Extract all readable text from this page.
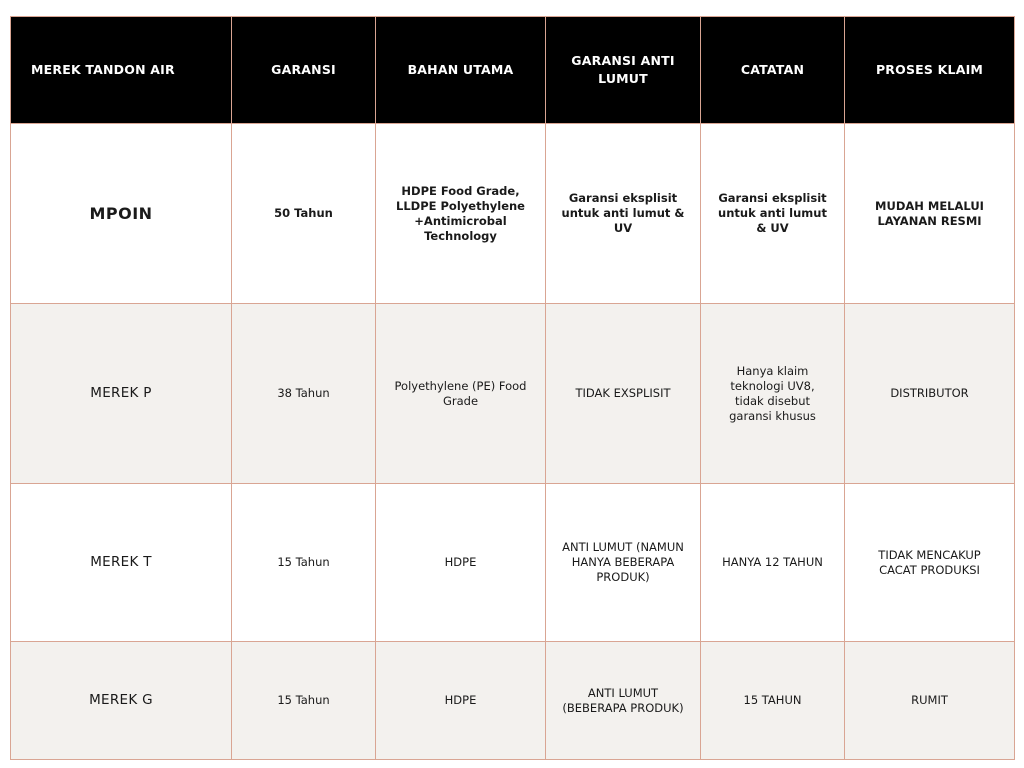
MEREK TANDON AIR	GARANSI	BAHAN UTAMA	GARANSI ANTI LUMUT	CATATAN	PROSES KLAIM
MPOIN	50 Tahun	HDPE Food Grade, LLDPE Polyethylene +Antimicrobal Technology	Garansi eksplisit untuk anti lumut & UV	Garansi eksplisit untuk anti lumut & UV	MUDAH MELALUI LAYANAN RESMI
MEREK P	38 Tahun	Polyethylene (PE) Food Grade	TIDAK EXSPLISIT	Hanya klaim teknologi UV8, tidak disebut garansi khusus	DISTRIBUTOR
MEREK T	15 Tahun	HDPE	ANTI LUMUT (NAMUN HANYA BEBERAPA PRODUK)	HANYA 12 TAHUN	TIDAK MENCAKUP CACAT PRODUKSI
MEREK G	15 Tahun	HDPE	ANTI LUMUT (BEBERAPA PRODUK)	15 TAHUN	RUMIT
